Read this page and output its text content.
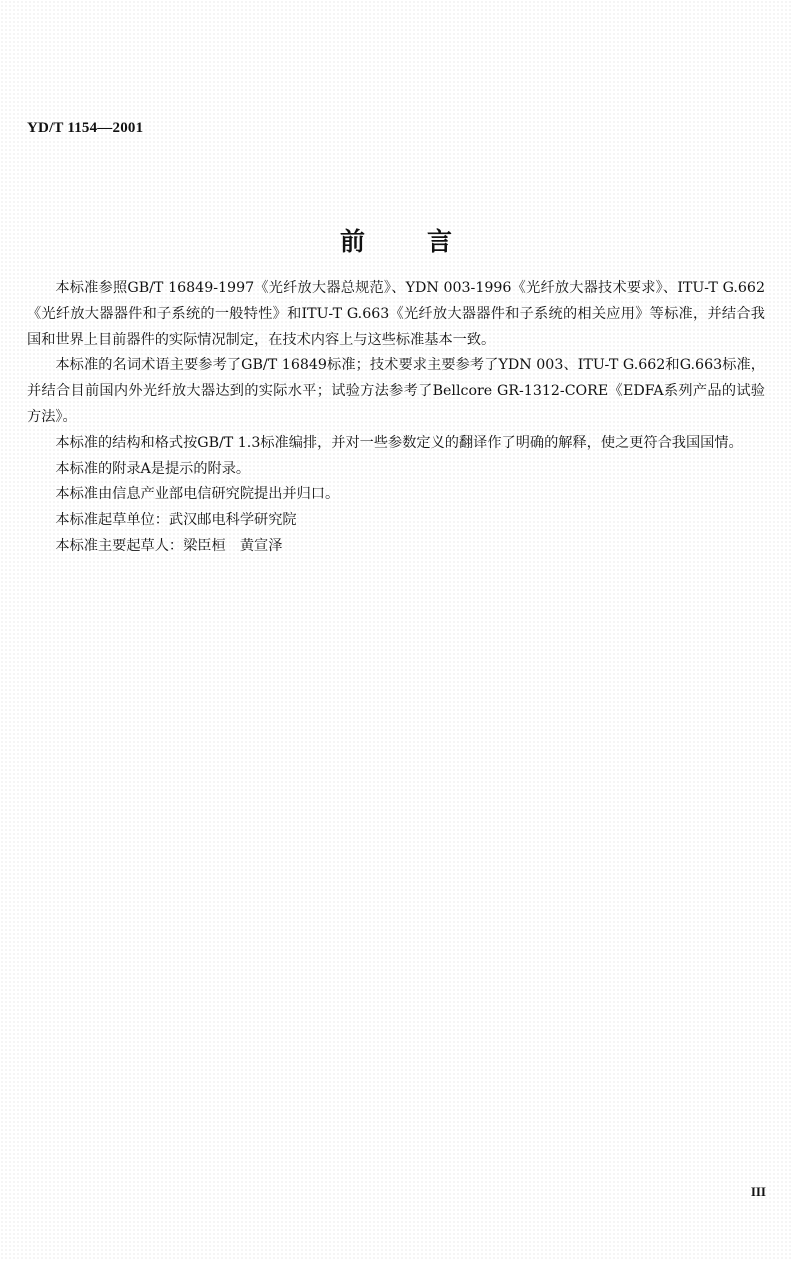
YD/T 1154—2001
前言

本标准参照GB/T 16849-1997《光纤放大器总规范》、YDN 003-1996《光纤放大器技术要求》、ITU-T G.662《光纤放大器器件和子系统的一般特性》和ITU-T G.663《光纤放大器器件和子系统的相关应用》等标准，并结合我国和世界上目前器件的实际情况制定，在技术内容上与这些标准基本一致。

本标准的名词术语主要参考了GB/T 16849标准；技术要求主要参考了YDN 003、ITU-T G.662和G.663标准，并结合目前国内外光纤放大器达到的实际水平；试验方法参考了Bellcore GR-1312-CORE《EDFA系列产品的试验方法》。

本标准的结构和格式按GB/T 1.3标准编排，并对一些参数定义的翻译作了明确的解释，使之更符合我国国情。

本标准的附录A是提示的附录。

本标准由信息产业部电信研究院提出并归口。

本标准起草单位：武汉邮电科学研究院

本标准主要起草人：梁臣桓　黄宣泽

III
